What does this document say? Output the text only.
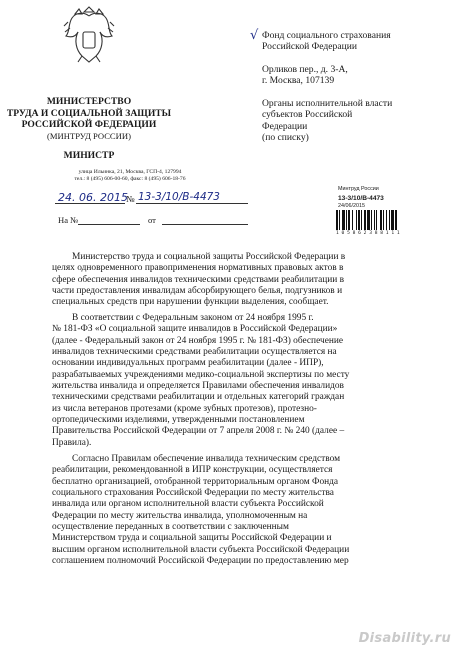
МИНИСТЕРСТВО
ТРУДА И СОЦИАЛЬНОЙ ЗАЩИТЫ
РОССИЙСКОЙ ФЕДЕРАЦИИ
(МИНТРУД РОССИИ)
МИНИСТР
улица Ильинка, 21, Москва, ГСП-4, 127994
тел.: 8 (495) 606-00-60, факс: 8 (495) 606-18-76
24. 06. 2015
№ 13-3/10/В-4473
На №	от
√ Фонд социального страхования
Российской Федерации
Орликов пер., д. 3-А,
г. Москва, 107139
Органы исполнительной власти
субъектов Российской
Федерации
(по списку)
Минтруд России
13-3/10/В-4473
24/06/2015
1 0 5 8 6 2 3 8 8 1 1 1
Министерство труда и социальной защиты Российской Федерации в
целях одновременного правоприменения нормативных правовых актов в
сфере обеспечения инвалидов техническими средствами реабилитации в
части предоставления инвалидам абсорбирующего белья, подгузников и
специальных средств при нарушении функции выделения, сообщает.
В соответствии с Федеральным законом от 24 ноября 1995 г.
№ 181-ФЗ «О социальной защите инвалидов в Российской Федерации»
(далее - Федеральный закон от 24 ноября 1995 г. № 181-ФЗ) обеспечение
инвалидов техническими средствами реабилитации осуществляется на
основании индивидуальных программ реабилитации (далее - ИПР),
разрабатываемых учреждениями медико-социальной экспертизы по месту
жительства инвалида и определяется Правилами обеспечения инвалидов
техническими средствами реабилитации и отдельных категорий граждан
из числа ветеранов протезами (кроме зубных протезов), протезно-
ортопедическими изделиями, утвержденными постановлением
Правительства Российской Федерации от 7 апреля 2008 г. № 240 (далее –
Правила).
Согласно Правилам обеспечение инвалида техническим средством
реабилитации, рекомендованной в ИПР конструкции, осуществляется
бесплатно организацией, отобранной территориальным органом Фонда
социального страхования Российской Федерации по месту жительства
инвалида или органом исполнительной власти субъекта Российской
Федерации по месту жительства инвалида, уполномоченным на
осуществление переданных в соответствии с заключенным
Министерством труда и социальной защиты Российской Федерации и
высшим органом исполнительной власти субъекта Российской Федерации
соглашением полномочий Российской Федерации по предоставлению мер
Disability.ru
